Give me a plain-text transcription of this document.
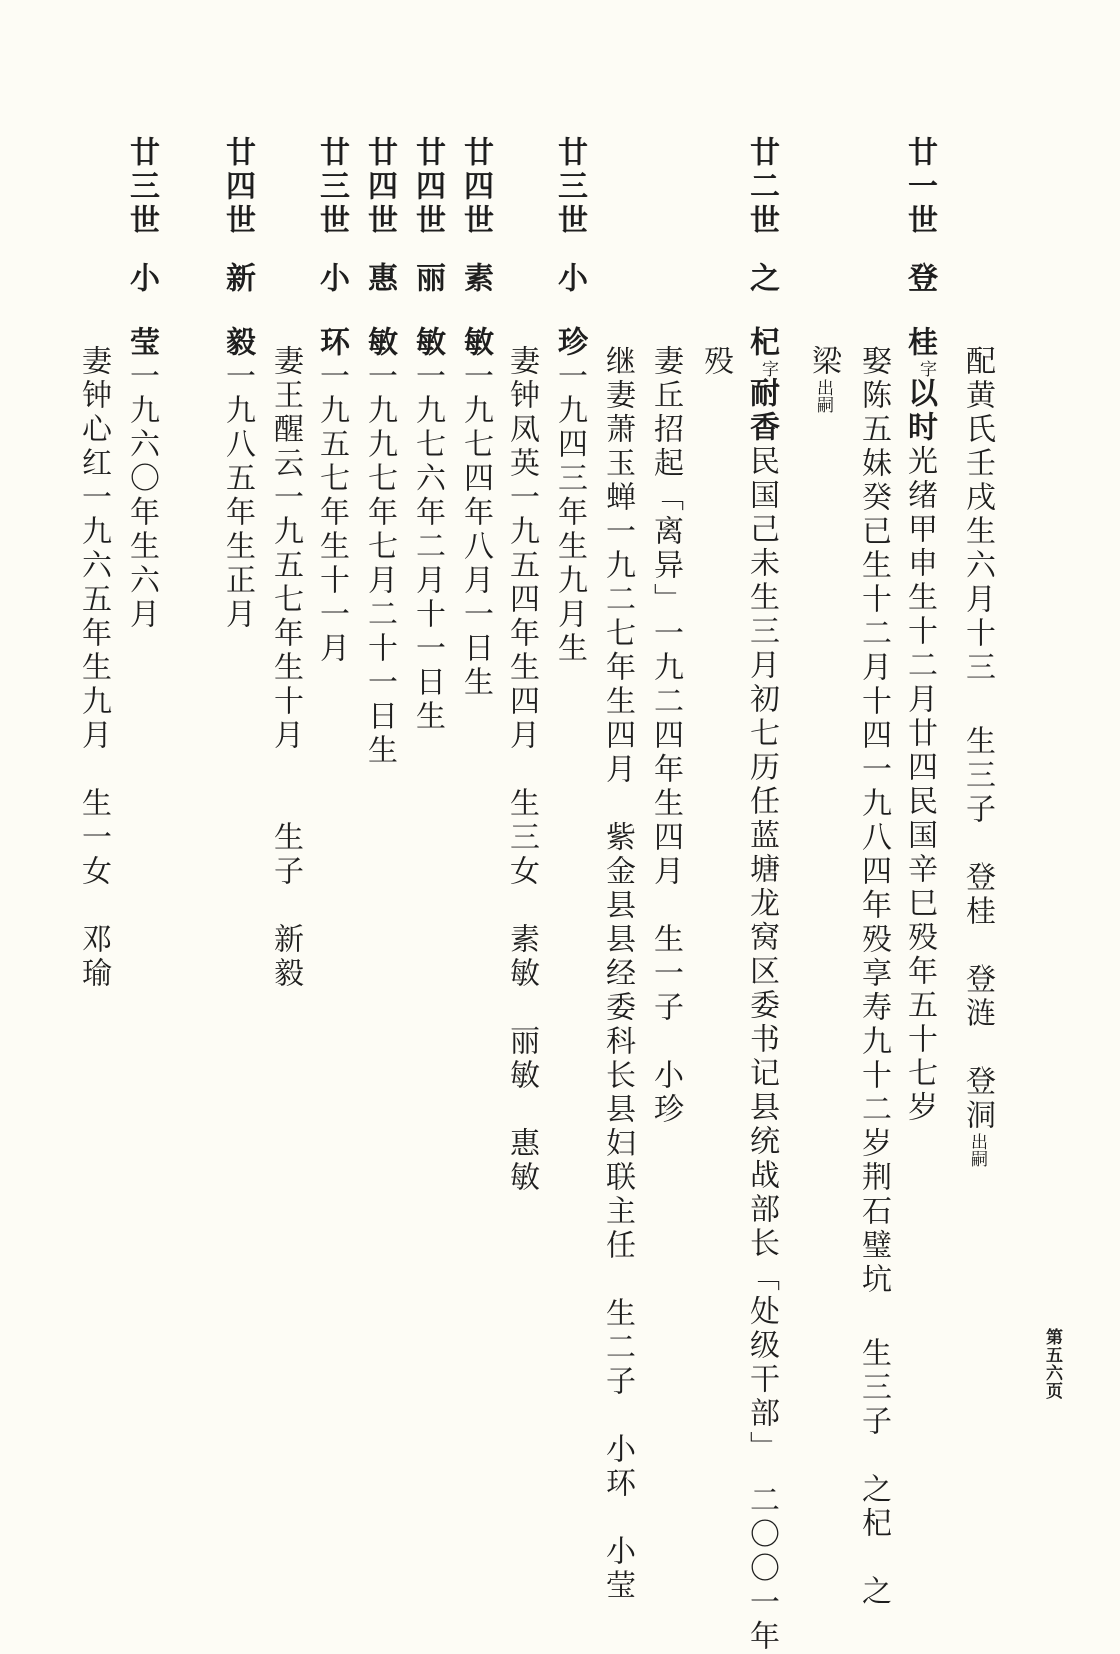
配黄氏壬戌生六月十三生三子　登桂　登涟　登洞出嗣
廿一世登桂$^字$以时光绪甲申生十二月廿四民国辛巳殁年五十七岁
娶陈五妹癸已生十二月十四一九八四年殁享寿九十二岁荆石璧坑生三子　之杞　之
梁出嗣
廿二世之杞$^字$耐香民国己未生三月初七历任蓝塘龙窝区委书记县统战部长「处级干部」　二〇〇一年
殁
妻丘招起「离异」一九二四年生四月　生一子　小珍
继妻萧玉蝉一九二七年生四月　紫金县县经委科长县妇联主任　生二子　小环　小莹
廿三世小珍一九四三年生九月生
妻钟凤英一九五四年生四月　生三女　素敏　丽敏　惠敏
廿四世素敏一九七四年八月一日生
廿四世丽敏一九七六年二月十一日生
廿四世惠敏一九九七年七月二十一日生
廿三世小环一九五七年生十一月
妻王醒云一九五七年生十月　　生子　新毅
廿四世新毅一九八五年生正月
廿三世小莹一九六〇年生六月
妻钟心红一九六五年生九月　生一女　邓瑜
第五六页
